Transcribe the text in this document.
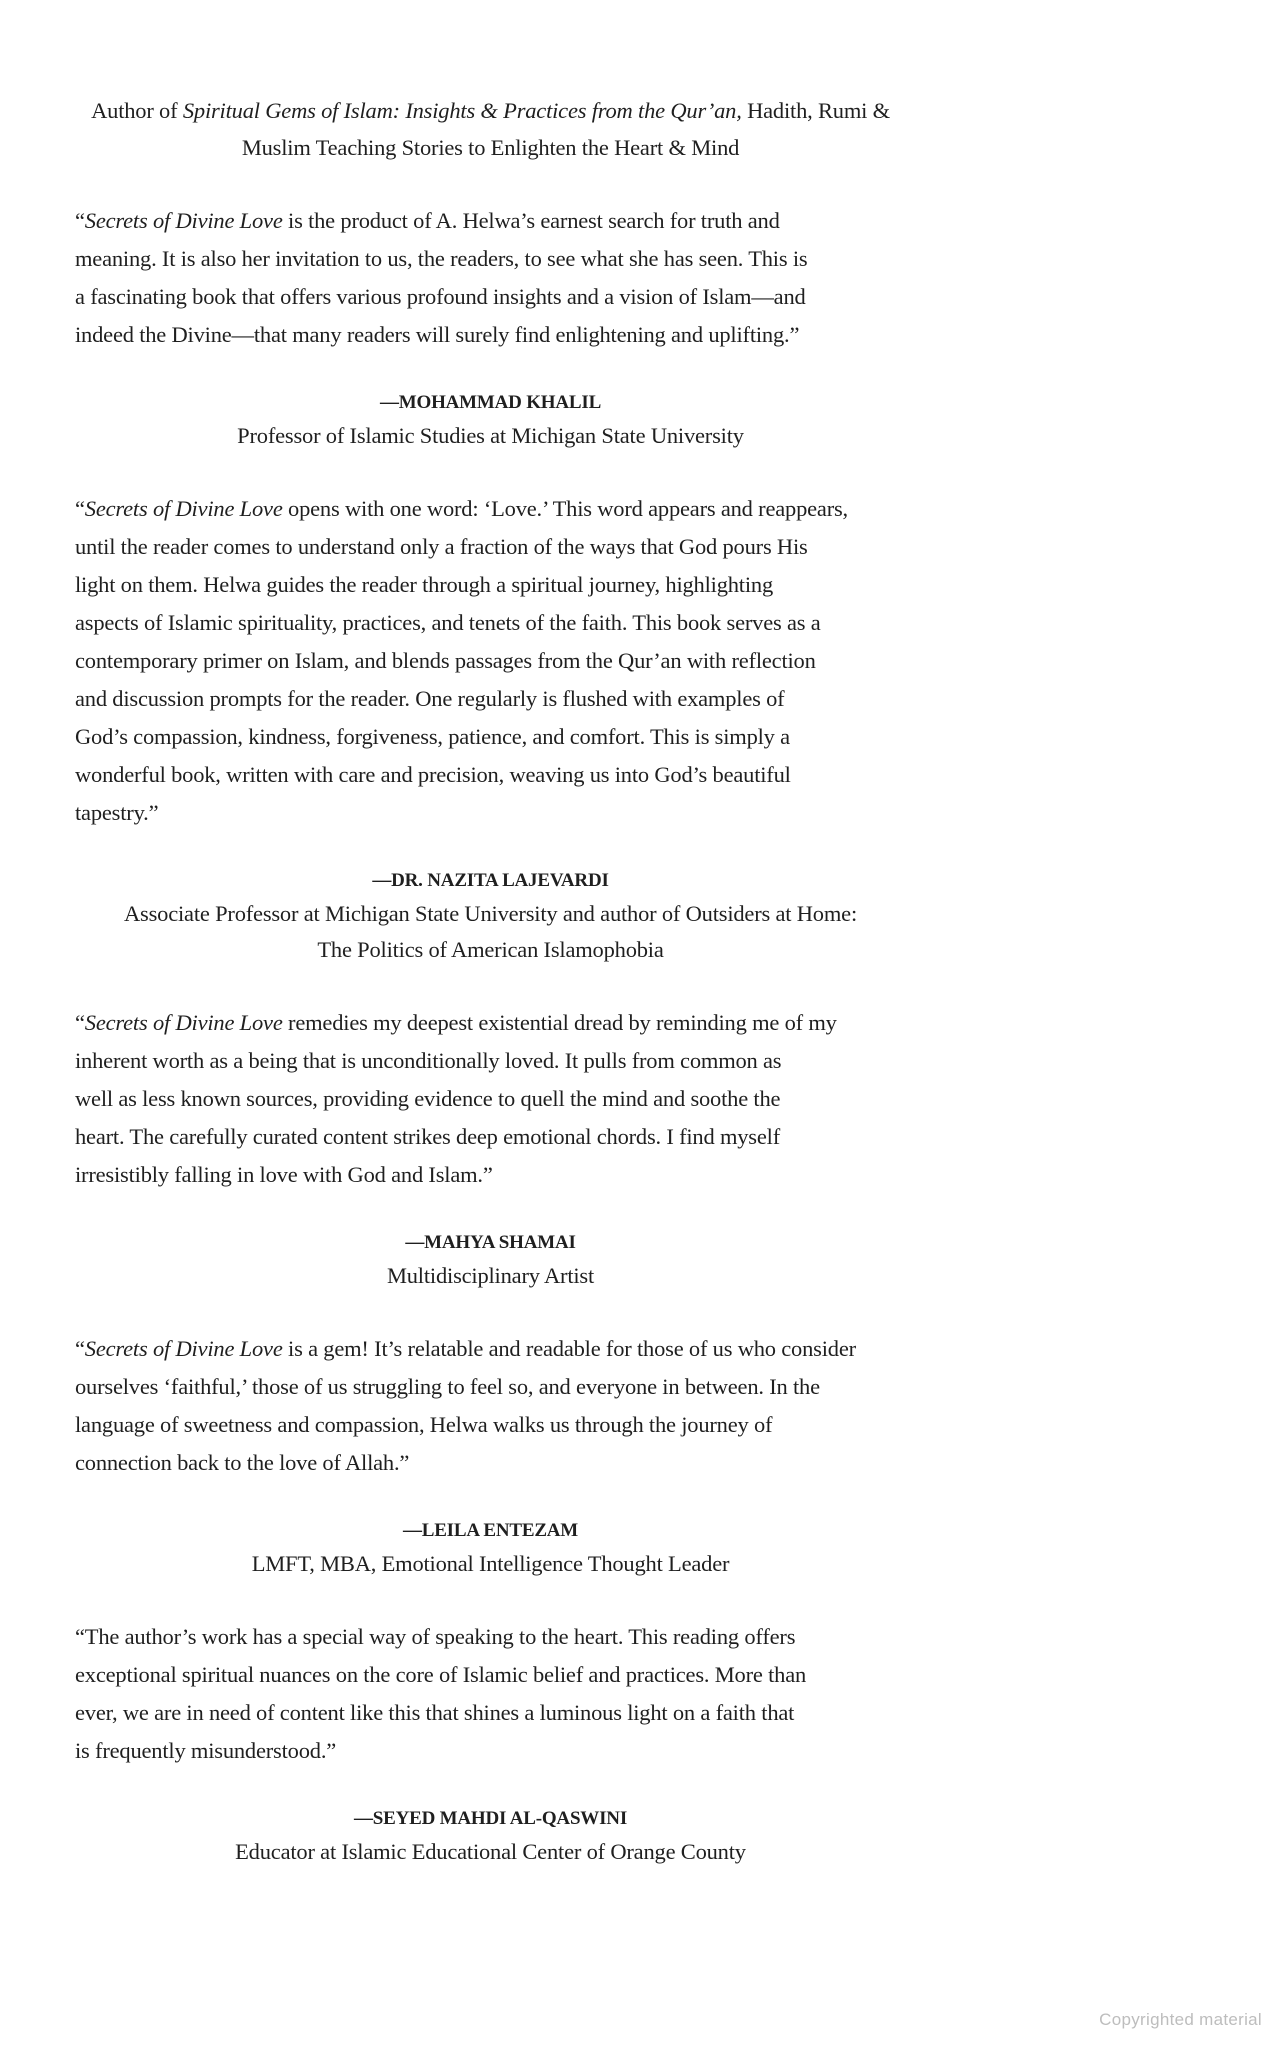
Author of Spiritual Gems of Islam: Insights & Practices from the Qur’an, Hadith, Rumi &
Muslim Teaching Stories to Enlighten the Heart & Mind
“Secrets of Divine Love is the product of A. Helwa’s earnest search for truth and
meaning. It is also her invitation to us, the readers, to see what she has seen. This is
a fascinating book that offers various profound insights and a vision of Islam—and
indeed the Divine—that many readers will surely find enlightening and uplifting.”
—MOHAMMAD KHALIL
Professor of Islamic Studies at Michigan State University
“Secrets of Divine Love opens with one word: ‘Love.’ This word appears and reappears,
until the reader comes to understand only a fraction of the ways that God pours His
light on them. Helwa guides the reader through a spiritual journey, highlighting
aspects of Islamic spirituality, practices, and tenets of the faith. This book serves as a
contemporary primer on Islam, and blends passages from the Qur’an with reflection
and discussion prompts for the reader. One regularly is flushed with examples of
God’s compassion, kindness, forgiveness, patience, and comfort. This is simply a
wonderful book, written with care and precision, weaving us into God’s beautiful
tapestry.”
—DR. NAZITA LAJEVARDI
Associate Professor at Michigan State University and author of Outsiders at Home:
The Politics of American Islamophobia
“Secrets of Divine Love remedies my deepest existential dread by reminding me of my
inherent worth as a being that is unconditionally loved. It pulls from common as
well as less known sources, providing evidence to quell the mind and soothe the
heart. The carefully curated content strikes deep emotional chords. I find myself
irresistibly falling in love with God and Islam.”
—MAHYA SHAMAI
Multidisciplinary Artist
“Secrets of Divine Love is a gem! It’s relatable and readable for those of us who consider
ourselves ‘faithful,’ those of us struggling to feel so, and everyone in between. In the
language of sweetness and compassion, Helwa walks us through the journey of
connection back to the love of Allah.”
—LEILA ENTEZAM
LMFT, MBA, Emotional Intelligence Thought Leader
“The author’s work has a special way of speaking to the heart. This reading offers
exceptional spiritual nuances on the core of Islamic belief and practices. More than
ever, we are in need of content like this that shines a luminous light on a faith that
is frequently misunderstood.”
—SEYED MAHDI AL-QASWINI
Educator at Islamic Educational Center of Orange County
Copyrighted material
